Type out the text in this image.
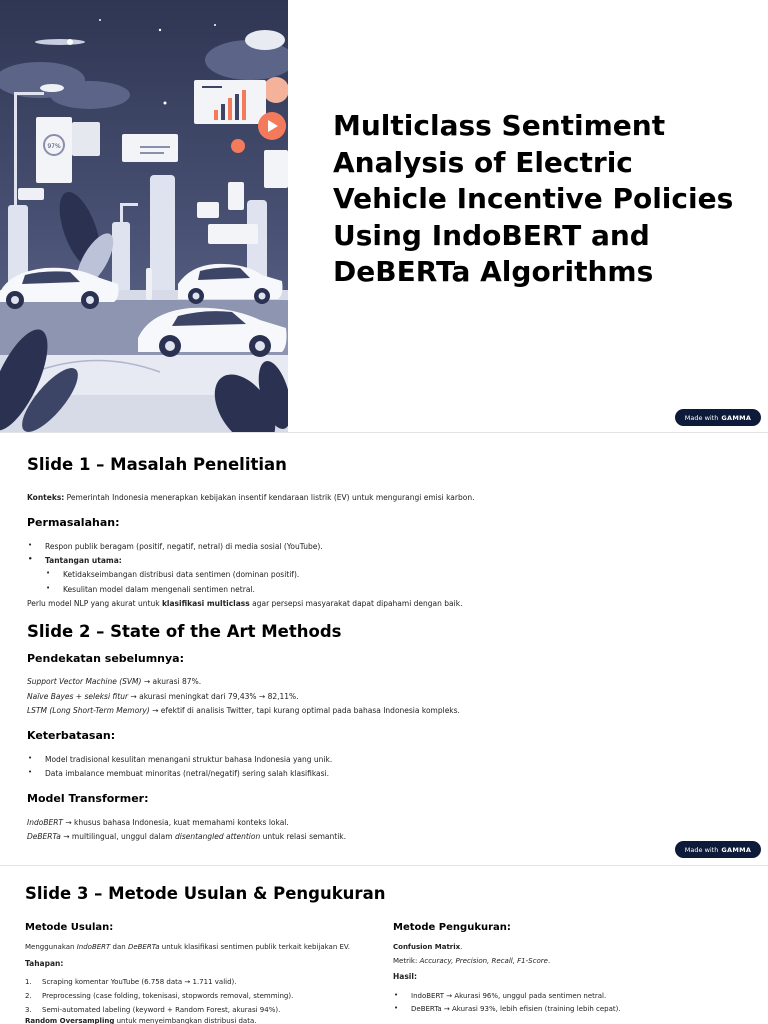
97%
Multiclass Sentiment Analysis of Electric Vehicle Incentive Policies Using IndoBERT and DeBERTa Algorithms
Made with GAMMA
Slide 1 – Masalah Penelitian
Konteks: Pemerintah Indonesia menerapkan kebijakan insentif kendaraan listrik (EV) untuk mengurangi emisi karbon.
Permasalahan:
• Respon publik beragam (positif, negatif, netral) di media sosial (YouTube).
• Tantangan utama:
• Ketidakseimbangan distribusi data sentimen (dominan positif).
• Kesulitan model dalam mengenali sentimen netral.
Perlu model NLP yang akurat untuk klasifikasi multiclass agar persepsi masyarakat dapat dipahami dengan baik.
Slide 2 – State of the Art Methods
Pendekatan sebelumnya:
Support Vector Machine (SVM) → akurasi 87%.
Naïve Bayes + seleksi fitur → akurasi meningkat dari 79,43% → 82,11%.
LSTM (Long Short-Term Memory) → efektif di analisis Twitter, tapi kurang optimal pada bahasa Indonesia kompleks.
Keterbatasan:
• Model tradisional kesulitan menangani struktur bahasa Indonesia yang unik.
• Data imbalance membuat minoritas (netral/negatif) sering salah klasifikasi.
Model Transformer:
IndoBERT → khusus bahasa Indonesia, kuat memahami konteks lokal.
DeBERTa → multilingual, unggul dalam disentangled attention untuk relasi semantik.
Made with GAMMA
Slide 3 – Metode Usulan & Pengukuran
Metode Usulan:
Menggunakan IndoBERT dan DeBERTa untuk klasifikasi sentimen publik terkait kebijakan EV.
Tahapan:
1. Scraping komentar YouTube (6.758 data → 1.711 valid).
2. Preprocessing (case folding, tokenisasi, stopwords removal, stemming).
3. Semi-automated labeling (keyword + Random Forest, akurasi 94%).
Random Oversampling untuk menyeimbangkan distribusi data.
Metode Pengukuran:
Confusion Matrix.
Metrik: Accuracy, Precision, Recall, F1-Score.
Hasil:
• IndoBERT → Akurasi 96%, unggul pada sentimen netral.
• DeBERTa → Akurasi 93%, lebih efisien (training lebih cepat).
